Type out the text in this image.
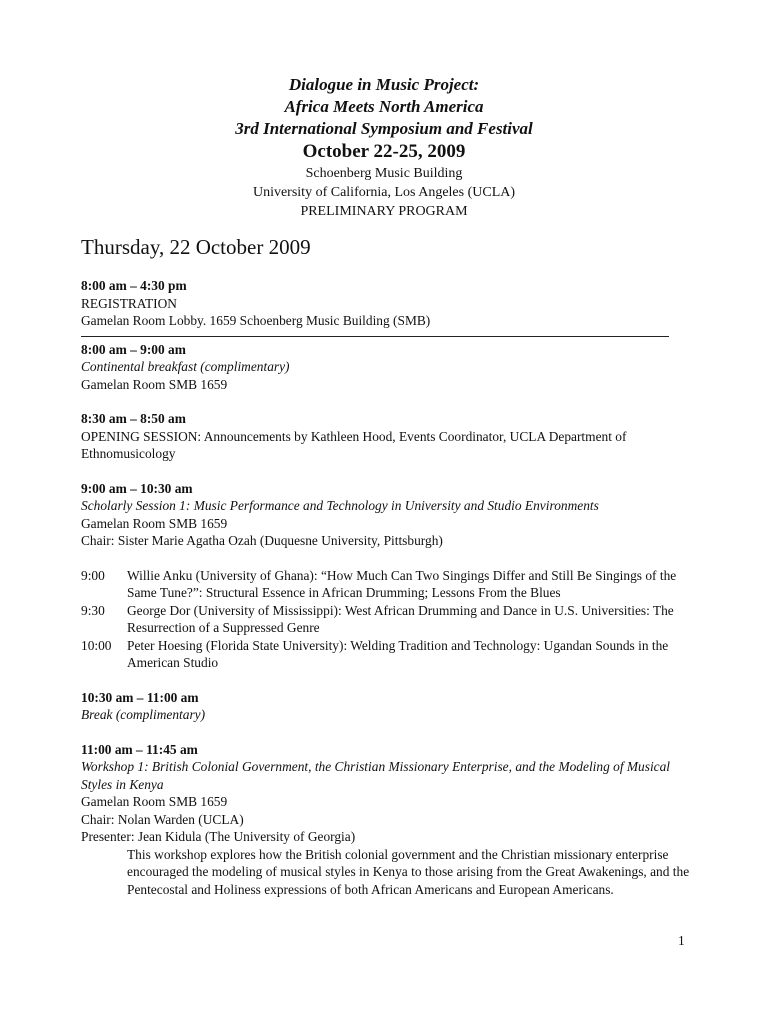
Dialogue in Music Project:

Africa Meets North America

3rd International Symposium and Festival

October 22-25, 2009

Schoenberg Music Building

University of California, Los Angeles (UCLA)

PRELIMINARY PROGRAM

Thursday, 22 October 2009

8:00 am – 4:30 pm

REGISTRATION

Gamelan Room Lobby. 1659 Schoenberg Music Building (SMB)

8:00 am – 9:00 am

Continental breakfast (complimentary)

Gamelan Room SMB 1659

8:30 am – 8:50 am

OPENING SESSION: Announcements by Kathleen Hood, Events Coordinator, UCLA Department of Ethnomusicology

9:00 am – 10:30 am

Scholarly Session 1: Music Performance and Technology in University and Studio Environments

Gamelan Room SMB 1659

Chair: Sister Marie Agatha Ozah (Duquesne University, Pittsburgh)

9:00	Willie Anku (University of Ghana): “How Much Can Two Singings Differ and Still Be Singings of the Same Tune?”: Structural Essence in African Drumming; Lessons From the Blues
9:30	George Dor (University of Mississippi): West African Drumming and Dance in U.S. Universities: The Resurrection of a Suppressed Genre
10:00	Peter Hoesing (Florida State University): Welding Tradition and Technology: Ugandan Sounds in the American Studio

10:30 am – 11:00 am

Break (complimentary)

11:00 am – 11:45 am

Workshop 1: British Colonial Government, the Christian Missionary Enterprise, and the Modeling of Musical Styles in Kenya

Gamelan Room SMB 1659

Chair: Nolan Warden (UCLA)

Presenter: Jean Kidula (The University of Georgia)

This workshop explores how the British colonial government and the Christian missionary enterprise encouraged the modeling of musical styles in Kenya to those arising from the Great Awakenings, and the Pentecostal and Holiness expressions of both African Americans and European Americans.

1
